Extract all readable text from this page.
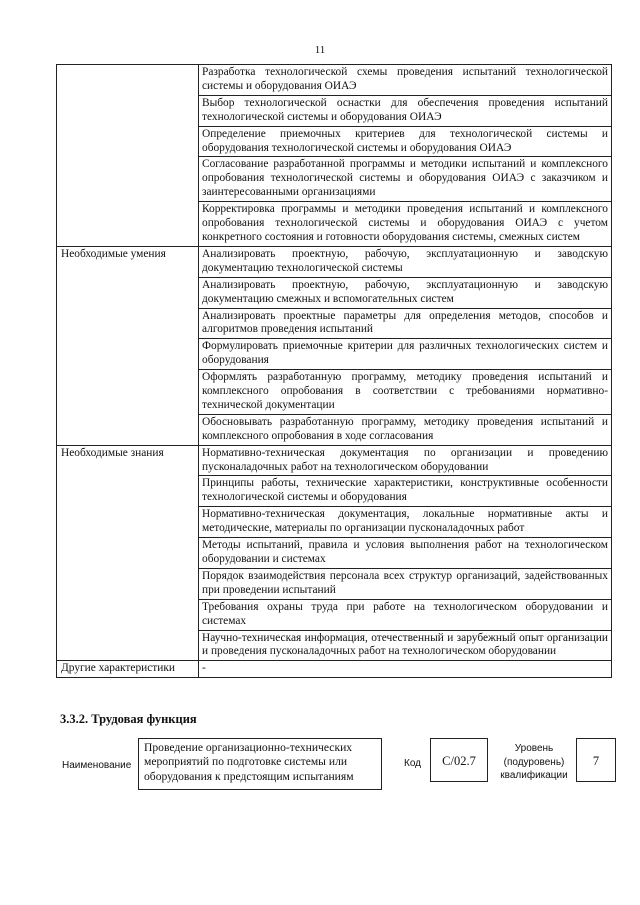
11
	Разработка технологической схемы проведения испытаний технологической системы и оборудования ОИАЭ
	Выбор технологической оснастки для обеспечения проведения испытаний технологической системы и оборудования ОИАЭ
	Определение приемочных критериев для технологической системы и оборудования технологической системы и оборудования ОИАЭ
	Согласование разработанной программы и методики испытаний и комплексного опробования технологической системы и оборудования ОИАЭ с заказчиком и заинтересованными организациями
	Корректировка программы и методики проведения испытаний и комплексного опробования технологической системы и оборудования ОИАЭ с учетом конкретного состояния и готовности оборудования системы, смежных систем
Необходимые умения	Анализировать проектную, рабочую, эксплуатационную и заводскую документацию технологической системы
	Анализировать проектную, рабочую, эксплуатационную и заводскую документацию смежных и вспомогательных систем
	Анализировать проектные параметры для определения методов, способов и алгоритмов проведения испытаний
	Формулировать приемочные критерии для различных технологических систем и оборудования
	Оформлять разработанную программу, методику проведения испытаний и комплексного опробования в соответствии с требованиями нормативно-технической документации
	Обосновывать разработанную программу, методику проведения испытаний и комплексного опробования в ходе согласования
Необходимые знания	Нормативно-техническая документация по организации и проведению пусконаладочных работ на технологическом оборудовании
	Принципы работы, технические характеристики, конструктивные особенности технологической системы и оборудования
	Нормативно-техническая документация, локальные нормативные акты и методические, материалы по организации пусконаладочных работ
	Методы испытаний, правила и условия выполнения работ на технологическом оборудовании и системах
	Порядок взаимодействия персонала всех структур организаций, задействованных при проведении испытаний
	Требования охраны труда при работе на технологическом оборудовании и системах
	Научно-техническая информация, отечественный и зарубежный опыт организации и проведения пусконаладочных работ на технологическом оборудовании
Другие характеристики	-
3.3.2. Трудовая функция
Наименование
Проведение организационно-технических мероприятий по подготовке системы или оборудования к предстоящим испытаниям
Код	C/02.7
Уровень (подуровень) квалификации
7
